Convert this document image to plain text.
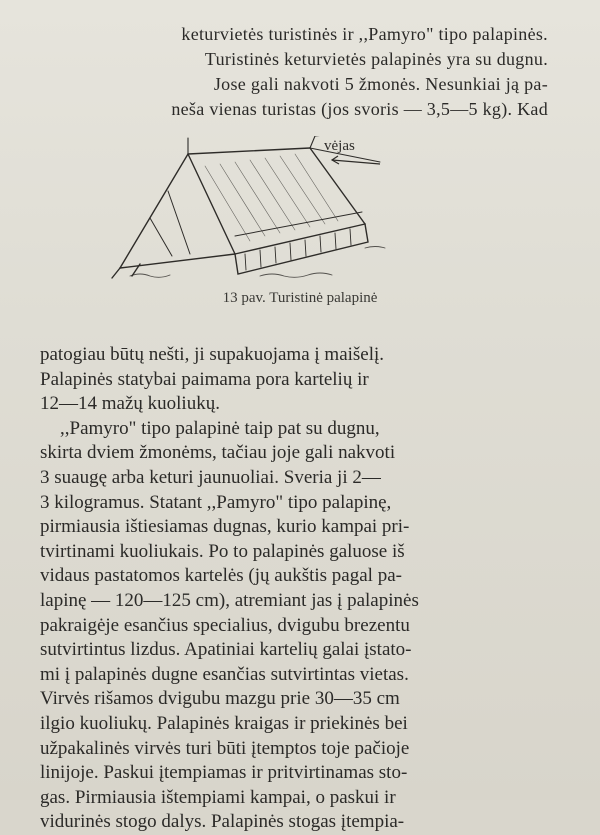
keturvietės turistinės ir ,,Pamyro" tipo palapinės.
Turistinės keturvietės palapinės yra su dugnu.
Jose gali nakvoti 5 žmonės. Nesunkiai ją pa-
neša vienas turistas (jos svoris — 3,5—5 kg). Kad
vėjas
13 pav. Turistinė palapinė
patogiau būtų nešti, ji supakuojama į maišelį.
Palapinės statybai paimama pora kartelių ir
12—14 mažų kuoliukų.
,,Pamyro" tipo palapinė taip pat su dugnu,
skirta dviem žmonėms, tačiau joje gali nakvoti
3 suaugę arba keturi jaunuoliai. Sveria ji 2—
3 kilogramus. Statant ,,Pamyro" tipo palapinę,
pirmiausia ištiesiamas dugnas, kurio kampai pri-
tvirtinami kuoliukais. Po to palapinės galuose iš
vidaus pastatomos kartelės (jų aukštis pagal pa-
lapinę — 120—125 cm), atremiant jas į palapinės
pakraigėje esančius specialius, dvigubu brezentu
sutvirtintus lizdus. Apatiniai kartelių galai įstato-
mi į palapinės dugne esančias sutvirtintas vietas.
Virvės rišamos dvigubu mazgu prie 30—35 cm
ilgio kuoliukų. Palapinės kraigas ir priekinės bei
užpakalinės virvės turi būti įtemptos toje pačioje
linijoje. Paskui įtempiamas ir pritvirtinamas sto-
gas. Pirmiausia ištempiami kampai, o paskui ir
vidurinės stogo dalys. Palapinės stogas įtempia-
